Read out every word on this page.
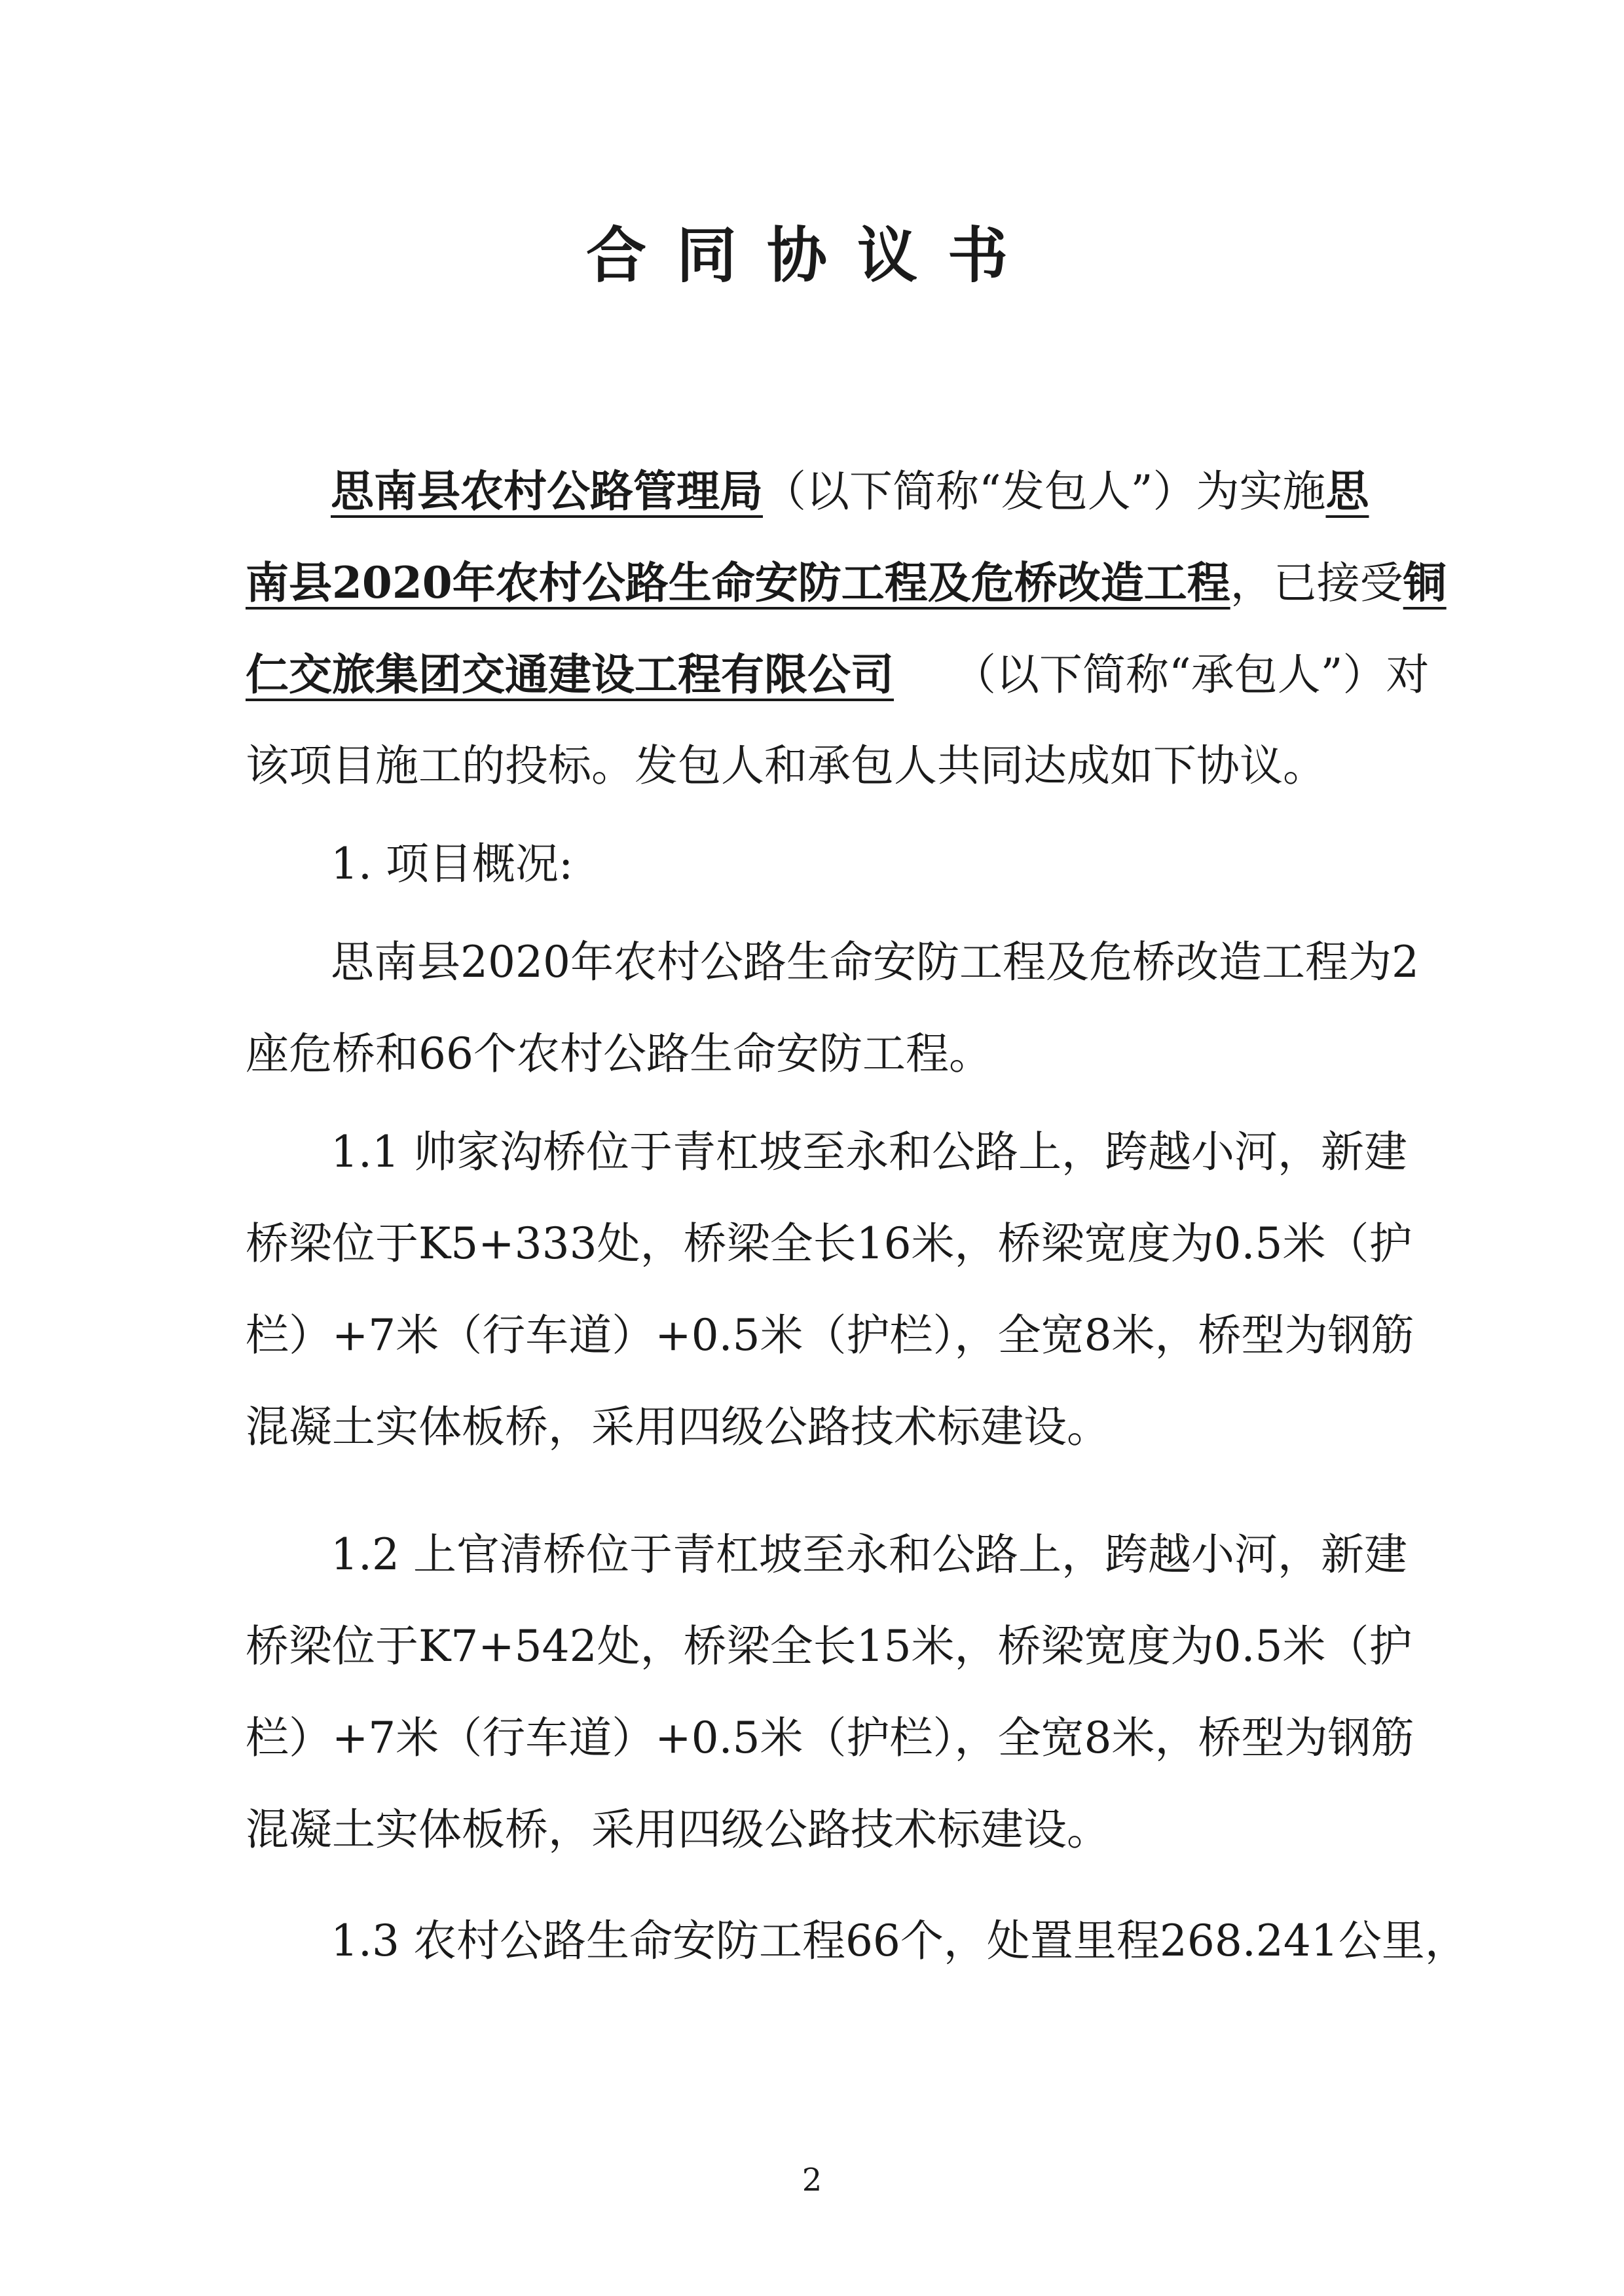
合同协议书
思南县农村公路管理局（以下简称“发包人”）为实施思
南县2020年农村公路生命安防工程及危桥改造工程，已接受铜
仁交旅集团交通建设工程有限公司 （以下简称“承包人”）对
该项目施工的投标。发包人和承包人共同达成如下协议。
1. 项目概况:
思南县2020年农村公路生命安防工程及危桥改造工程为2
座危桥和66个农村公路生命安防工程。
1.1 帅家沟桥位于青杠坡至永和公路上，跨越小河，新建
桥梁位于K5+333处，桥梁全长16米，桥梁宽度为0.5米（护
栏）+7米（行车道）+0.5米（护栏），全宽8米，桥型为钢筋
混凝土实体板桥，采用四级公路技术标建设。
1.2 上官清桥位于青杠坡至永和公路上，跨越小河，新建
桥梁位于K7+542处，桥梁全长15米，桥梁宽度为0.5米（护
栏）+7米（行车道）+0.5米（护栏），全宽8米，桥型为钢筋
混凝土实体板桥，采用四级公路技术标建设。
1.3 农村公路生命安防工程66个，处置里程268.241公里，
2
